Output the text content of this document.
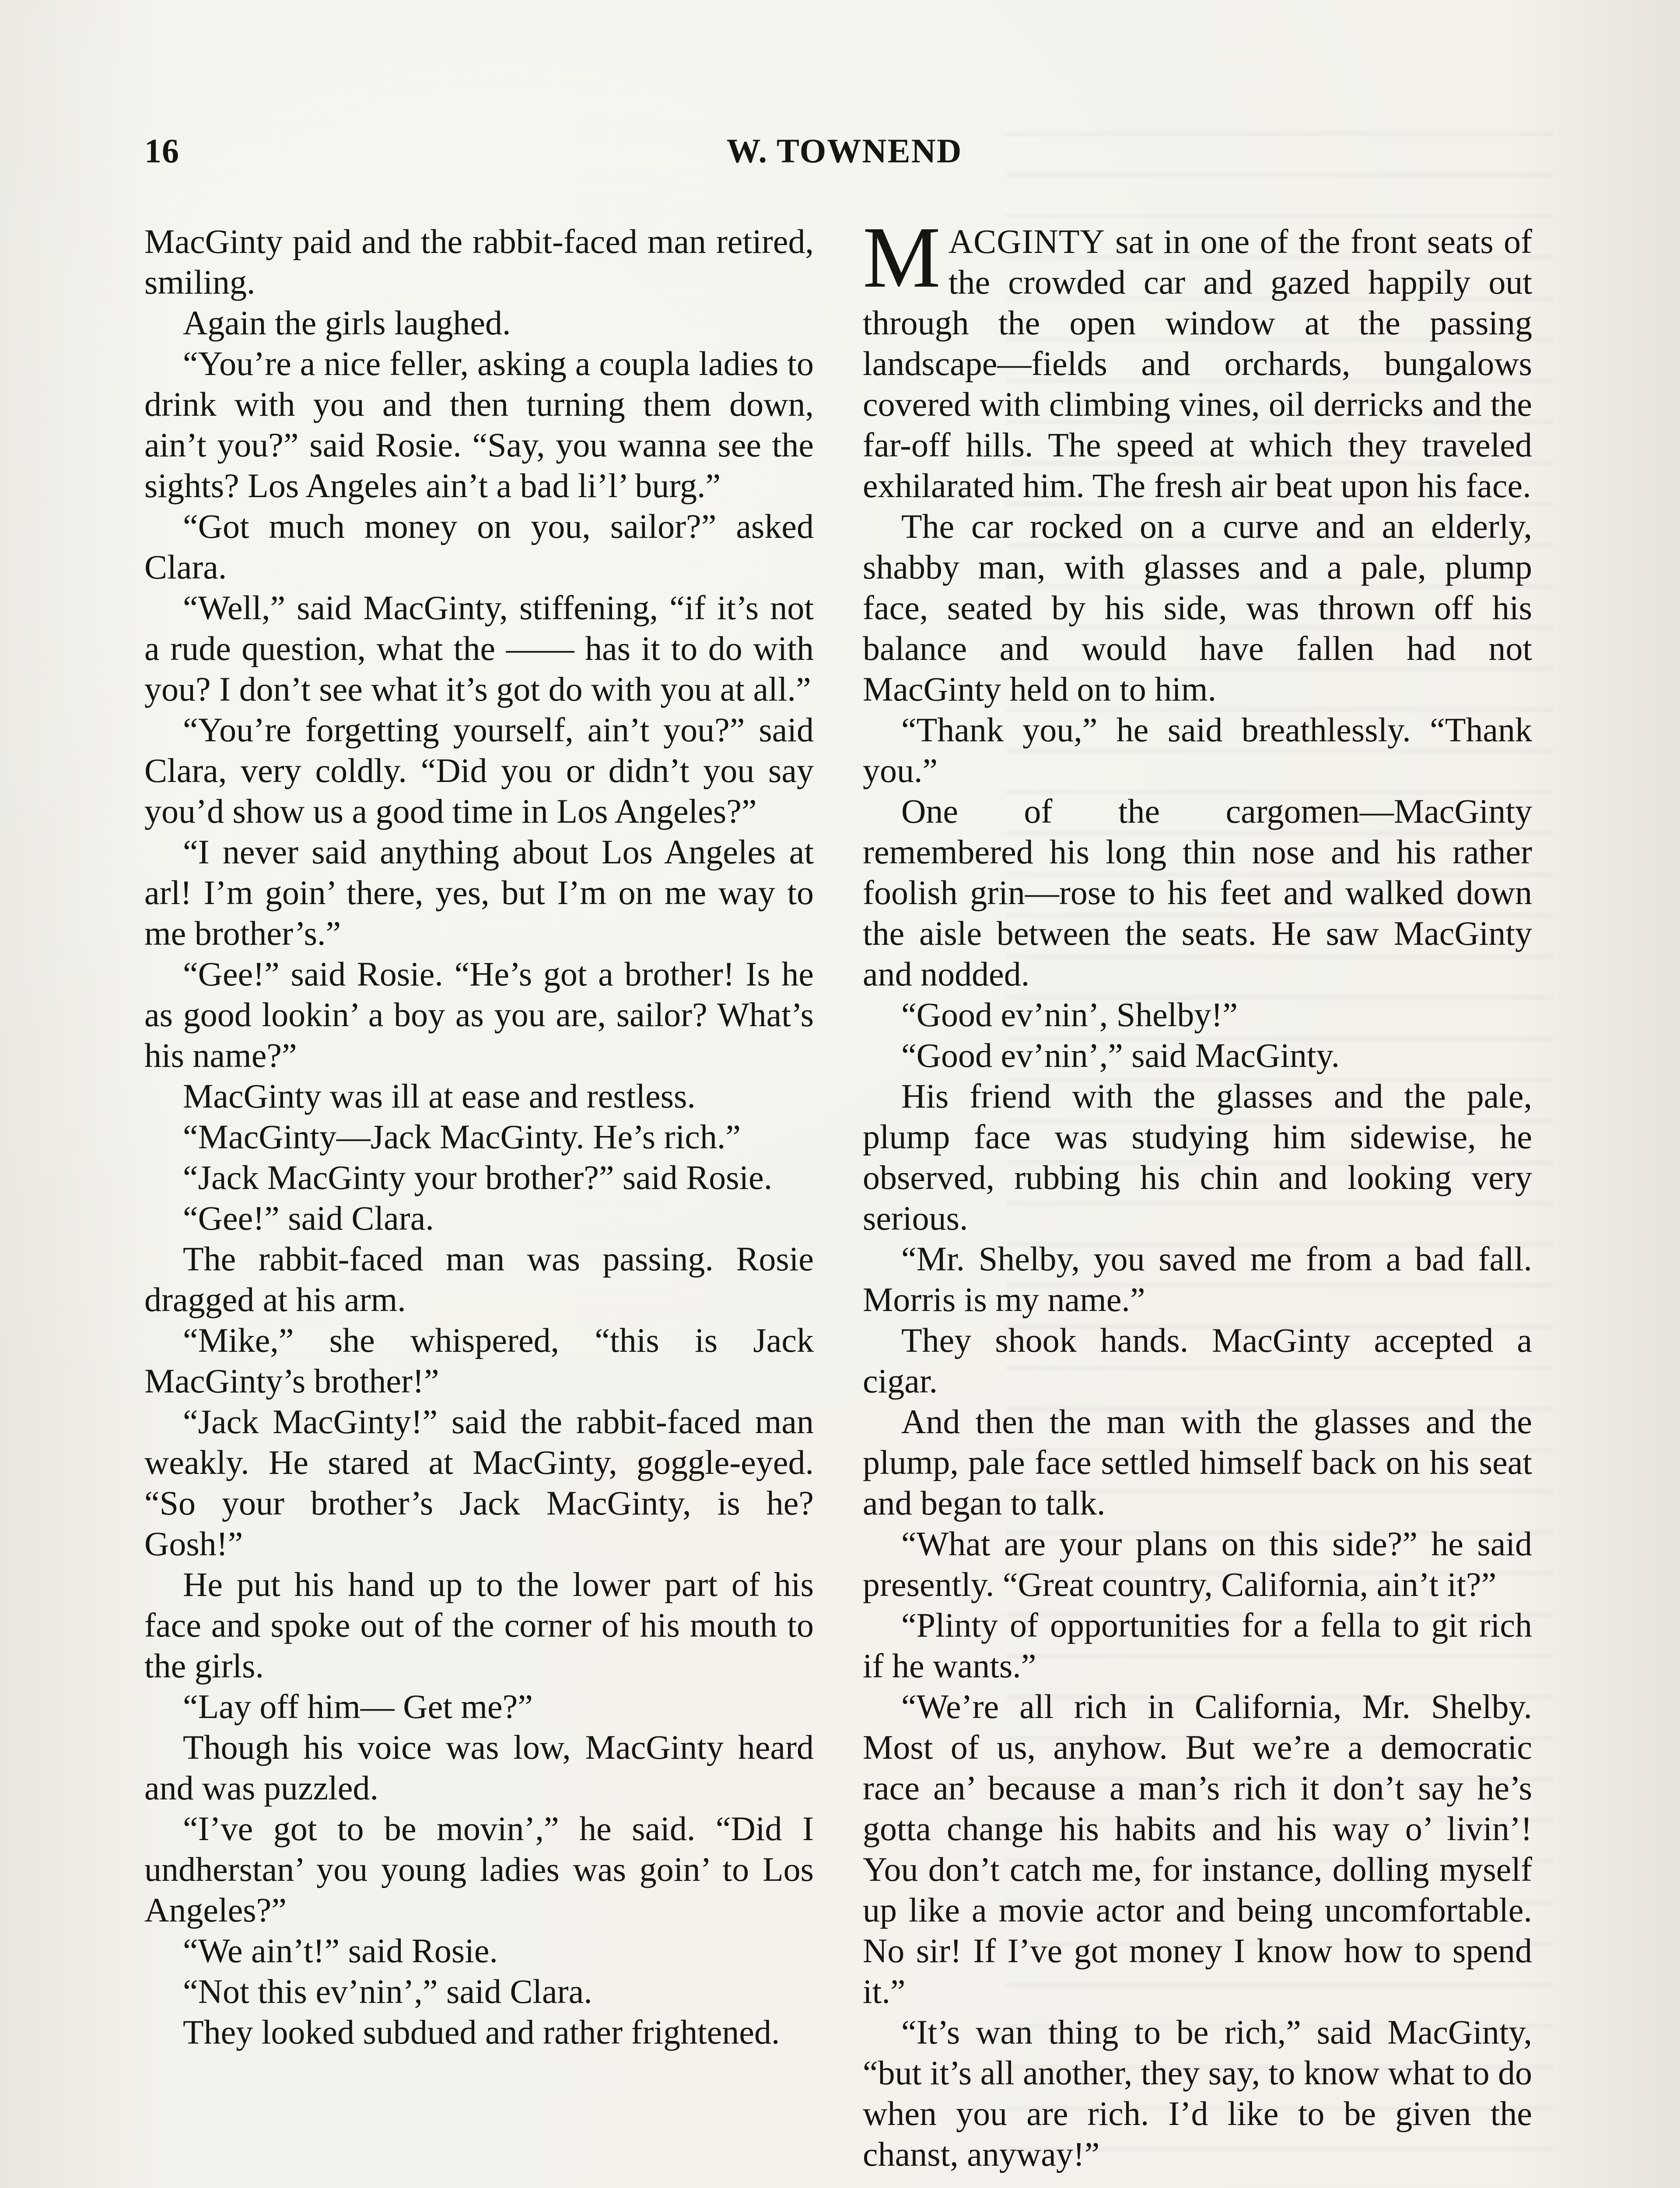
16	W. TOWNEND

MacGinty paid and the rabbit-faced man retired, smiling.

Again the girls laughed.

“You’re a nice feller, asking a coupla ladies to drink with you and then turning them down, ain’t you?” said Rosie. “Say, you wanna see the sights? Los Angeles ain’t a bad li’l’ burg.”

“Got much money on you, sailor?” asked Clara.

“Well,” said MacGinty, stiffening, “if it’s not a rude question, what the —— has it to do with you? I don’t see what it’s got do with you at all.”

“You’re forgetting yourself, ain’t you?” said Clara, very coldly. “Did you or didn’t you say you’d show us a good time in Los Angeles?”

“I never said anything about Los Angeles at arl! I’m goin’ there, yes, but I’m on me way to me brother’s.”

“Gee!” said Rosie. “He’s got a brother! Is he as good lookin’ a boy as you are, sailor? What’s his name?”

MacGinty was ill at ease and restless.

“MacGinty—Jack MacGinty. He’s rich.”

“Jack MacGinty your brother?” said Rosie.

“Gee!” said Clara.

The rabbit-faced man was passing. Rosie dragged at his arm.

“Mike,” she whispered, “this is Jack MacGinty’s brother!”

“Jack MacGinty!” said the rabbit-faced man weakly. He stared at MacGinty, goggle-eyed. “So your brother’s Jack MacGinty, is he? Gosh!”

He put his hand up to the lower part of his face and spoke out of the corner of his mouth to the girls.

“Lay off him— Get me?”

Though his voice was low, MacGinty heard and was puzzled.

“I’ve got to be movin’,” he said. “Did I undherstan’ you young ladies was goin’ to Los Angeles?”

“We ain’t!” said Rosie.

“Not this ev’nin’,” said Clara.

They looked subdued and rather frightened.

MACGINTY sat in one of the front seats of the crowded car and gazed happily out through the open window at the passing landscape—fields and orchards, bungalows covered with climbing vines, oil derricks and the far-off hills. The speed at which they traveled exhilarated him. The fresh air beat upon his face.

The car rocked on a curve and an elderly, shabby man, with glasses and a pale, plump face, seated by his side, was thrown off his balance and would have fallen had not MacGinty held on to him.

“Thank you,” he said breathlessly. “Thank you.”

One of the cargomen—MacGinty remembered his long thin nose and his rather foolish grin—rose to his feet and walked down the aisle between the seats. He saw MacGinty and nodded.

“Good ev’nin’, Shelby!”

“Good ev’nin’,” said MacGinty.

His friend with the glasses and the pale, plump face was studying him sidewise, he observed, rubbing his chin and looking very serious.

“Mr. Shelby, you saved me from a bad fall. Morris is my name.”

They shook hands. MacGinty accepted a cigar.

And then the man with the glasses and the plump, pale face settled himself back on his seat and began to talk.

“What are your plans on this side?” he said presently. “Great country, California, ain’t it?”

“Plinty of opportunities for a fella to git rich if he wants.”

“We’re all rich in California, Mr. Shelby. Most of us, anyhow. But we’re a democratic race an’ because a man’s rich it don’t say he’s gotta change his habits and his way o’ livin’! You don’t catch me, for instance, dolling myself up like a movie actor and being uncomfortable. No sir! If I’ve got money I know how to spend it.”

“It’s wan thing to be rich,” said MacGinty, “but it’s all another, they say, to know what to do when you are rich. I’d like to be given the chanst, anyway!”
